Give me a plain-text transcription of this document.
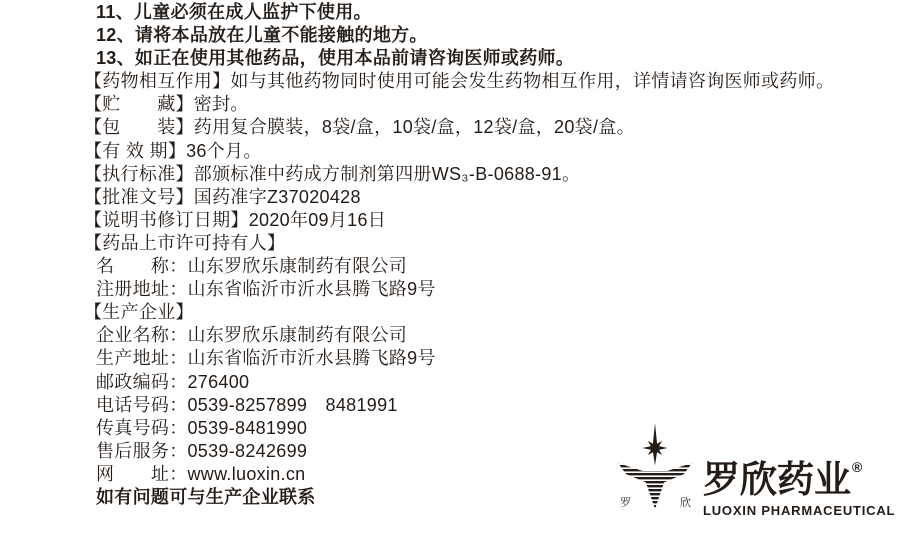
11、儿童必须在成人监护下使用。
12、请将本品放在儿童不能接触的地方。
13、如正在使用其他药品，使用本品前请咨询医师或药师。
【药物相互作用】如与其他药物同时使用可能会发生药物相互作用，详情请咨询医师或药师。
【贮　　藏】密封。
【包　　装】药用复合膜装，8袋/盒，10袋/盒，12袋/盒，20袋/盒。
【有 效 期】36个月。
【执行标准】部颁标准中药成方制剂第四册WS₃-B-0688-91。
【批准文号】国药准字Z37020428
【说明书修订日期】2020年09月16日
【药品上市许可持有人】
名　　称：山东罗欣乐康制药有限公司
注册地址：山东省临沂市沂水县腾飞路9号
【生产企业】
企业名称：山东罗欣乐康制药有限公司
生产地址：山东省临沂市沂水县腾飞路9号
邮政编码：276400
电话号码：0539-8257899　8481991
传真号码：0539-8481990
售后服务：0539-8242699
网　　址：www.luoxin.cn
如有问题可与生产企业联系	罗	欣
罗欣药业®
LUOXIN PHARMACEUTICAL
